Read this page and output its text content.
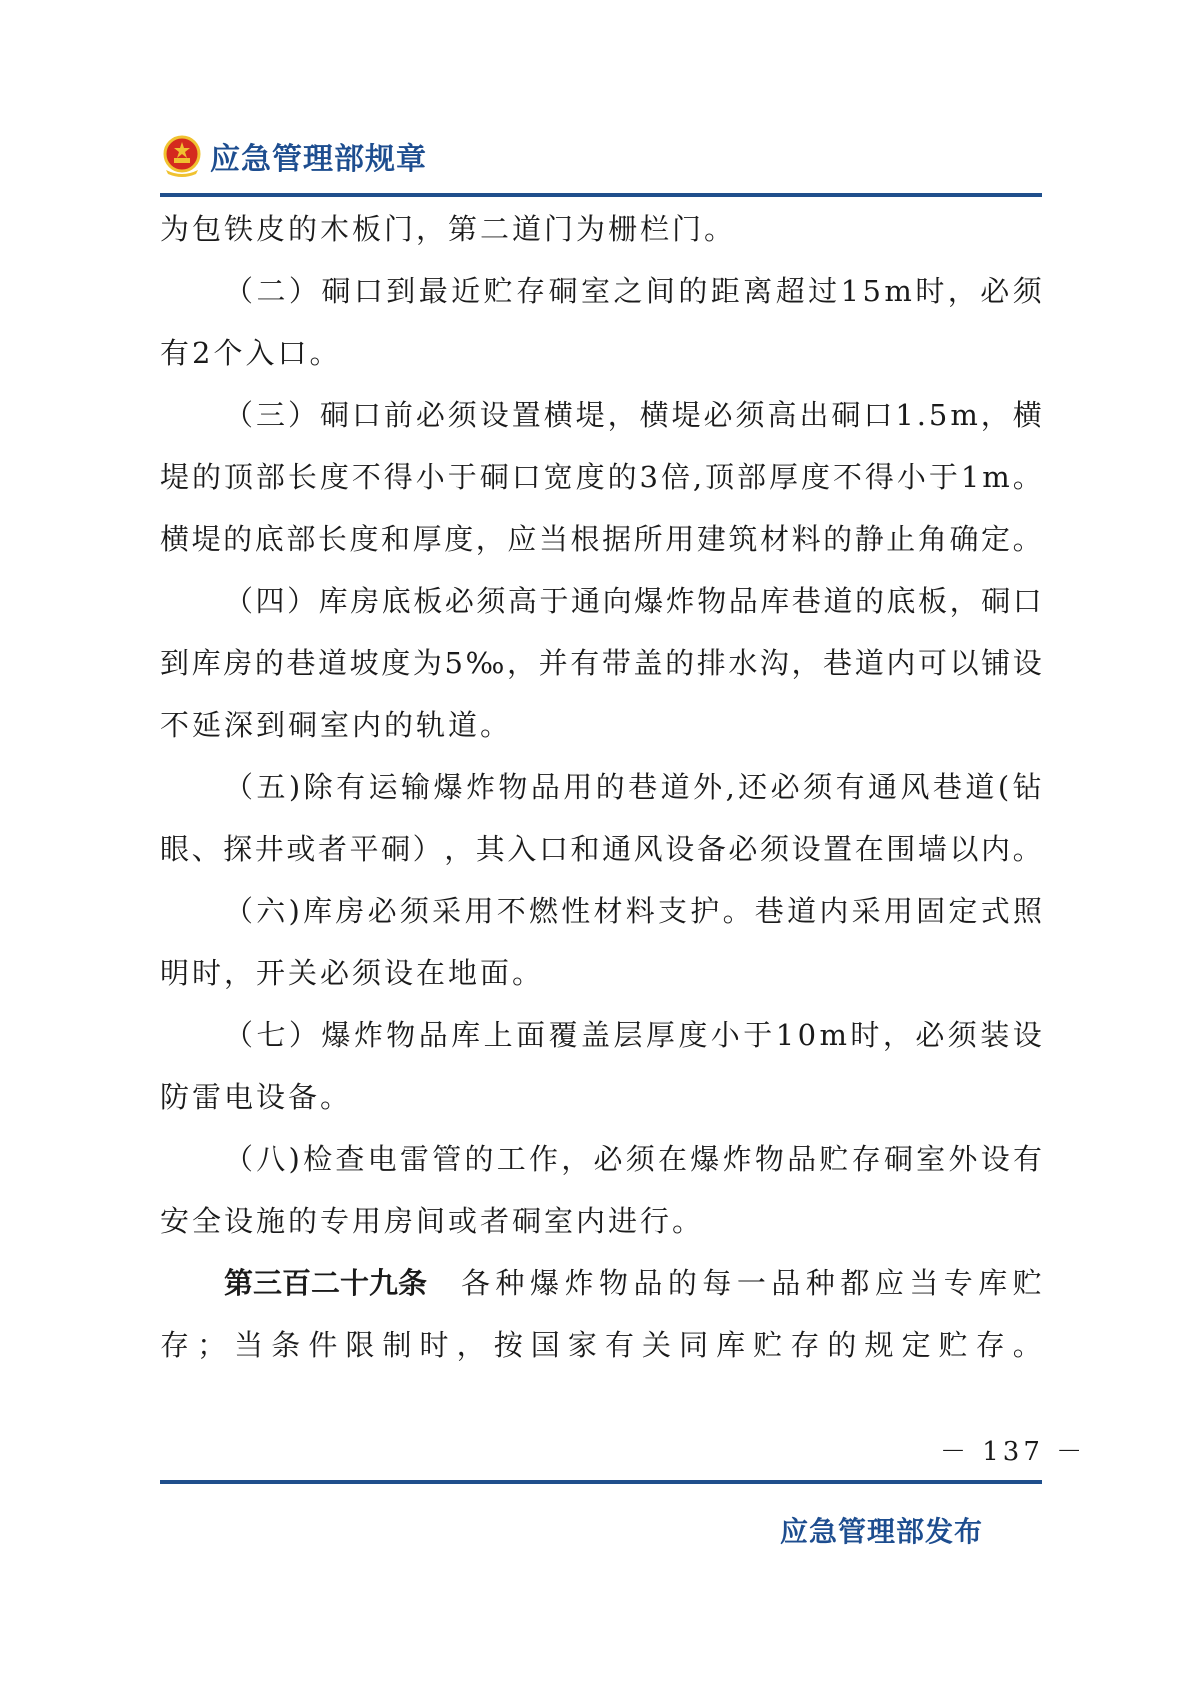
应急管理部规章
为包铁皮的木板门，第二道门为栅栏门。
（ 二 ） 硐 口 到 最 近 贮 存 硐 室 之 间 的 距 离 超 过 1 5 m 时 ， 必 须
有2个入口。
（ 三 ） 硐 口 前 必 须 设 置 横 堤 ， 横 堤 必 须 高 出 硐 口 1 . 5 m ， 横
堤 的 顶 部 长 度 不 得 小 于 硐 口 宽 度 的 3 倍 , 顶 部 厚 度 不 得 小 于 1 m 。
横 堤 的 底 部 长 度 和 厚 度 ， 应 当 根 据 所 用 建 筑 材 料 的 静 止 角 确 定 。
（ 四 ） 库 房 底 板 必 须 高 于 通 向 爆 炸 物 品 库 巷 道 的 底 板 ， 硐 口
到 库 房 的 巷 道 坡 度 为 5 ‰ ， 并 有 带 盖 的 排 水 沟 ， 巷 道 内 可 以 铺 设
不延深到硐室内的轨道。
（ 五 ) 除 有 运 输 爆 炸 物 品 用 的 巷 道 外 , 还 必 须 有 通 风 巷 道 ( 钻
眼 、 探 井 或 者 平 硐 ） ， 其 入 口 和 通 风 设 备 必 须 设 置 在 围 墙 以 内 。
（ 六 ) 库 房 必 须 采 用 不 燃 性 材 料 支 护 。 巷 道 内 采 用 固 定 式 照
明时，开关必须设在地面。
（ 七 ） 爆 炸 物 品 库 上 面 覆 盖 层 厚 度 小 于 1 0 m 时 ， 必 须 装 设
防雷电设备。
（ 八 ) 检 查 电 雷 管 的 工 作 ， 必 须 在 爆 炸 物 品 贮 存 硐 室 外 设 有
安全设施的专用房间或者硐室内进行。
第三百二十九条 各 种 爆 炸 物 品 的 每 一 品 种 都 应 当 专 库 贮
存 ； 当 条 件 限 制 时 ， 按 国 家 有 关 同 库 贮 存 的 规 定 贮 存 。
－ 137 －
应急管理部发布
